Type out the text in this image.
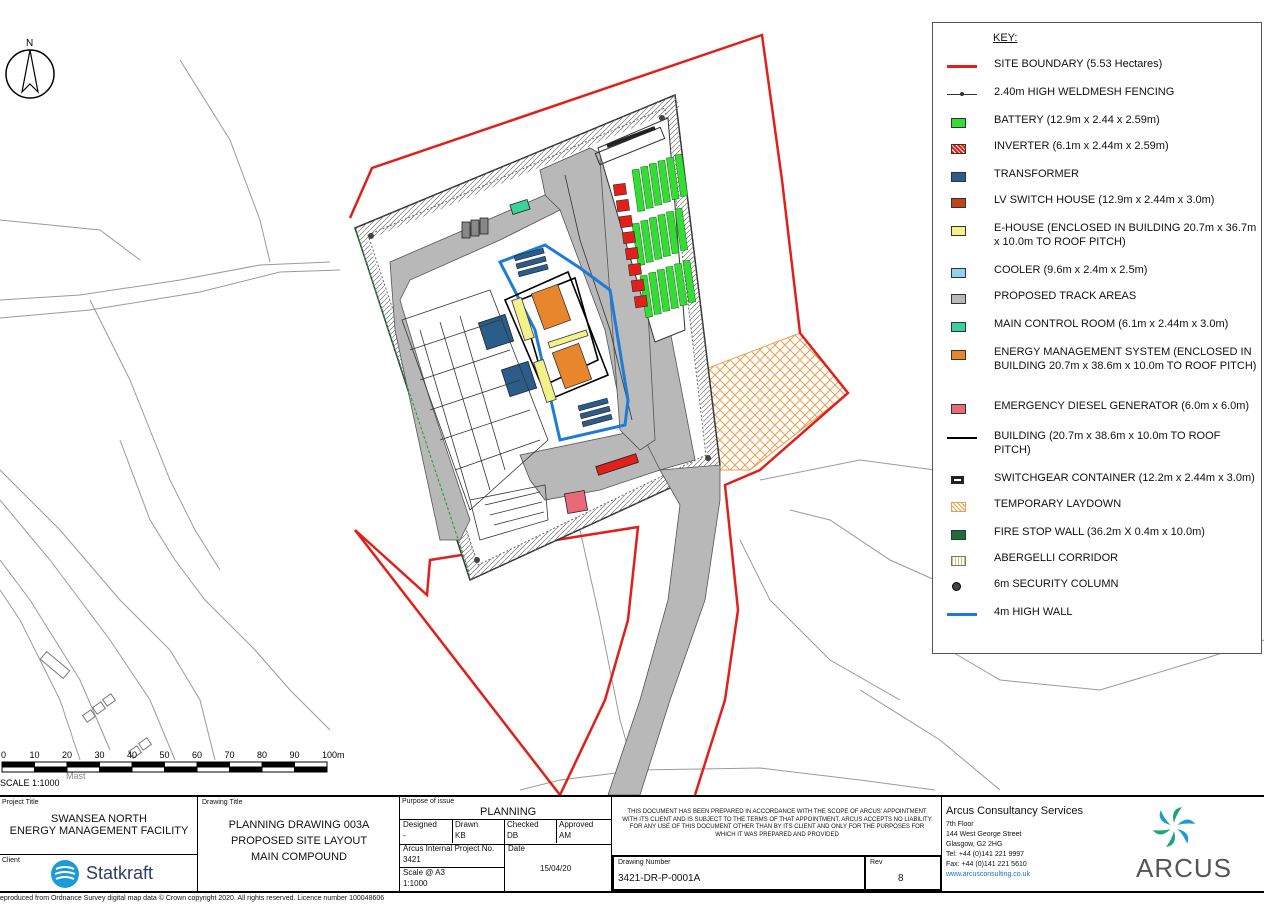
N
0	10 20 30 40 50 60 70 80 90 100m
SCALE 1:1000
Mast
KEY:
SITE BOUNDARY (5.53 Hectares)
2.40m HIGH WELDMESH FENCING
BATTERY (12.9m x 2.44 x 2.59m)
INVERTER (6.1m x 2.44m x 2.59m)
TRANSFORMER
LV SWITCH HOUSE (12.9m x 2.44m x 3.0m)
E-HOUSE (ENCLOSED IN BUILDING 20.7m x 36.7m x 10.0m TO ROOF PITCH)
COOLER (9.6m x 2.4m x 2.5m)
PROPOSED TRACK AREAS
MAIN CONTROL ROOM (6.1m x 2.44m x 3.0m)
ENERGY MANAGEMENT SYSTEM (ENCLOSED IN BUILDING 20.7m x 38.6m x 10.0m TO ROOF PITCH)
EMERGENCY DIESEL GENERATOR (6.0m x 6.0m)
BUILDING (20.7m x 38.6m x 10.0m TO ROOF PITCH)
SWITCHGEAR CONTAINER (12.2m x 2.44m x 3.0m)
TEMPORARY LAYDOWN
FIRE STOP WALL (36.2m X 0.4m x 10.0m)
ABERGELLI CORRIDOR
6m SECURITY COLUMN
4m HIGH WALL
Project Title
SWANSEA NORTH
ENERGY MANAGEMENT FACILITY
Client
Statkraft
Drawing Title
PLANNING DRAWING 003A
PROPOSED SITE LAYOUT
MAIN COMPOUND
Purpose of issue
PLANNING
Designed
-
Drawn
KB
Checked
DB
Approved
AM
Arcus Internal Project No.
3421
Scale @ A3
1:1000
Date
15/04/20
THIS DOCUMENT HAS BEEN PREPARED IN ACCORDANCE WITH THE SCOPE OF ARCUS' APPOINTMENT WITH ITS CLIENT AND IS SUBJECT TO THE TERMS OF THAT APPOINTMENT. ARCUS ACCEPTS NO LIABILITY FOR ANY USE OF THIS DOCUMENT OTHER THAN BY ITS CLIENT AND ONLY FOR THE PURPOSES FOR WHICH IT WAS PREPARED AND PROVIDED
Drawing Number
3421-DR-P-0001A
Rev
8
Arcus Consultancy Services
7th Floor
144 West George Street
Glasgow, G2 2HG
Tel: +44 (0)141 221 9997
Fax: +44 (0)141 221 5610
www.arcusconsulting.co.uk	ARCUS
eproduced from Ordnance Survey digital map data © Crown copyright 2020. All rights reserved. Licence number 100048606
